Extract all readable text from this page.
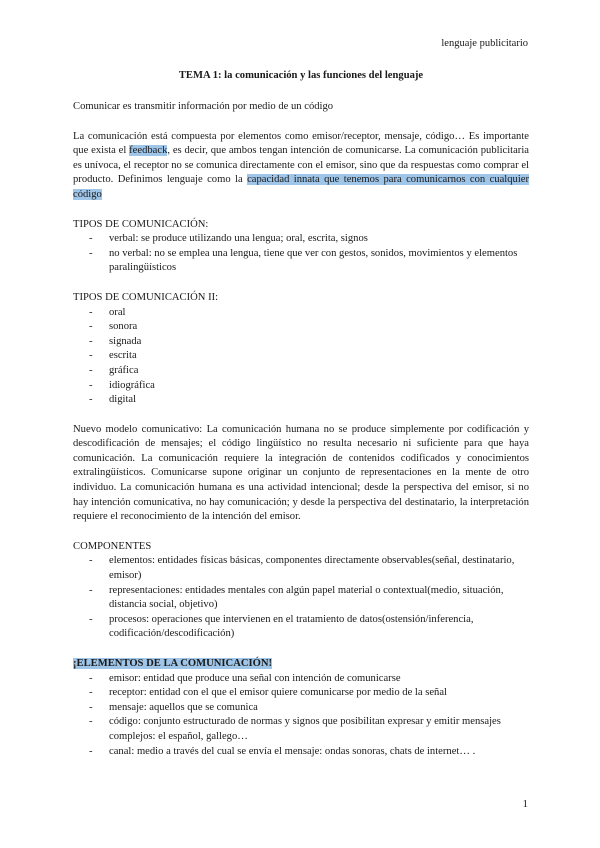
lenguaje publicitario

TEMA 1: la comunicación y las funciones del lenguaje

Comunicar es transmitir información por medio de un código
La comunicación está compuesta por elementos como emisor/receptor, mensaje, código… Es importante que exista el feedback, es decir, que ambos tengan intención de comunicarse. La comunicación publicitaria es unívoca, el receptor no se comunica directamente con el emisor, sino que da respuestas como comprar el producto. Definimos lenguaje como la capacidad innata que tenemos para comunicarnos con cualquier código
TIPOS DE COMUNICACIÓN:
- verbal: se produce utilizando una lengua; oral, escrita, signos
- no verbal: no se emplea una lengua, tiene que ver con gestos, sonidos, movimientos y elementos paralingüísticos
TIPOS DE COMUNICACIÓN II:
- oral
- sonora
- signada
- escrita
- gráfica
- idiográfica
- digital
Nuevo modelo comunicativo: La comunicación humana no se produce simplemente por codificación y descodificación de mensajes; el código lingüístico no resulta necesario ni suficiente para que haya comunicación. La comunicación requiere la integración de contenidos codificados y conocimientos extralingüísticos. Comunicarse supone originar un conjunto de representaciones en la mente de otro individuo. La comunicación humana es una actividad intencional; desde la perspectiva del emisor, si no hay intención comunicativa, no hay comunicación; y desde la perspectiva del destinatario, la interpretación requiere el reconocimiento de la intención del emisor.
COMPONENTES
- elementos: entidades físicas básicas, componentes directamente observables(señal, destinatario, emisor)
- representaciones: entidades mentales con algún papel material o contextual(medio, situación, distancia social, objetivo)
- procesos: operaciones que intervienen en el tratamiento de datos(ostensión/inferencia, codificación/descodificación)
¡ELEMENTOS DE LA COMUNICACIÓN!
- emisor: entidad que produce una señal con intención de comunicarse
- receptor: entidad con el que el emisor quiere comunicarse por medio de la señal
- mensaje: aquellos que se comunica
- código: conjunto estructurado de normas y signos que posibilitan expresar y emitir mensajes complejos: el español, gallego…
- canal: medio a través del cual se envía el mensaje: ondas sonoras, chats de internet… .
1
